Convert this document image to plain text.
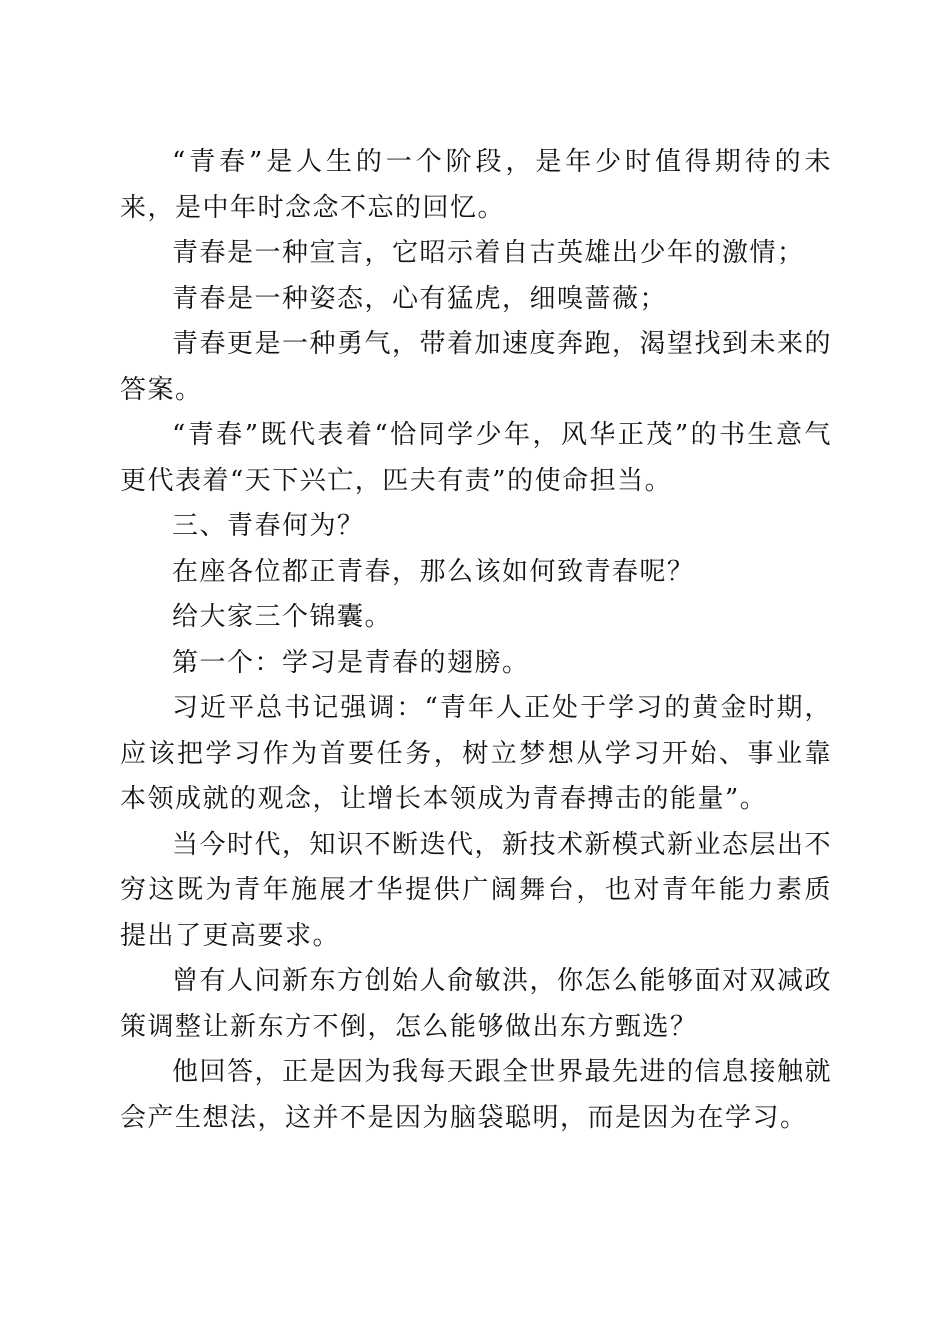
“青春”是人生的一个阶段，是年少时值得期待的未来，是中年时念念不忘的回忆。

青春是一种宣言，它昭示着自古英雄出少年的激情；

青春是一种姿态，心有猛虎，细嗅蔷薇；

青春更是一种勇气，带着加速度奔跑，渴望找到未来的答案。

“青春”既代表着“恰同学少年，风华正茂”的书生意气更代表着“天下兴亡，匹夫有责”的使命担当。

三、青春何为？

在座各位都正青春，那么该如何致青春呢？

给大家三个锦囊。

第一个：学习是青春的翅膀。

习近平总书记强调：“青年人正处于学习的黄金时期，应该把学习作为首要任务，树立梦想从学习开始、事业靠本领成就的观念，让增长本领成为青春搏击的能量”。

当今时代，知识不断迭代，新技术新模式新业态层出不穷这既为青年施展才华提供广阔舞台，也对青年能力素质提出了更高要求。

曾有人问新东方创始人俞敏洪，你怎么能够面对双减政策调整让新东方不倒，怎么能够做出东方甄选？

他回答，正是因为我每天跟全世界最先进的信息接触就会产生想法，这并不是因为脑袋聪明，而是因为在学习。
